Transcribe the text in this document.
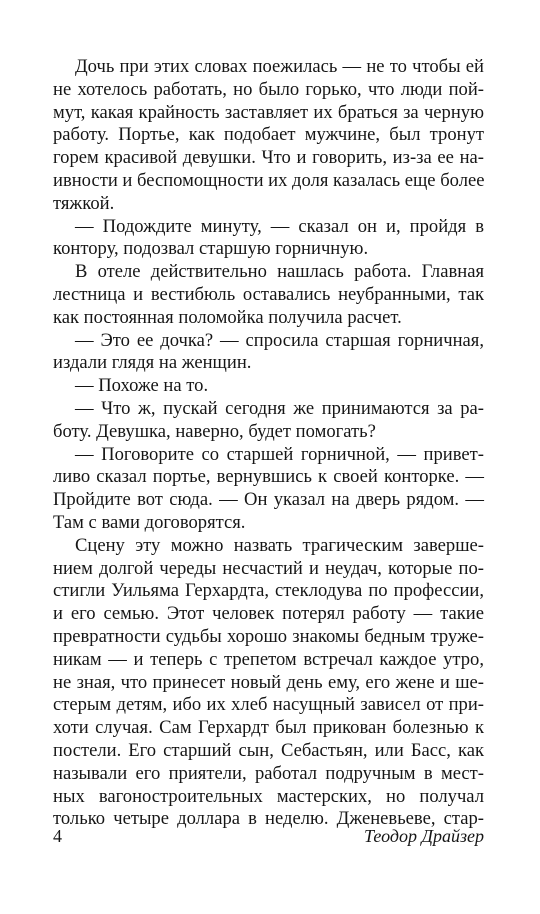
Дочь при этих словах поежилась — не то чтобы ей
не хотелось работать, но было горько, что люди пой-
мут, какая крайность заставляет их браться за черную
работу. Портье, как подобает мужчине, был тронут
горем красивой девушки. Что и говорить, из-за ее на-
ивности и беспомощности их доля казалась еще более
тяжкой.
— Подождите минуту, — сказал он и, пройдя в
контору, подозвал старшую горничную.
В отеле действительно нашлась работа. Главная
лестница и вестибюль оставались неубранными, так
как постоянная поломойка получила расчет.
— Это ее дочка? — спросила старшая горничная,
издали глядя на женщин.
— Похоже на то.
— Что ж, пускай сегодня же принимаются за ра-
боту. Девушка, наверно, будет помогать?
— Поговорите со старшей горничной, — привет-
ливо сказал портье, вернувшись к своей конторке. —
Пройдите вот сюда. — Он указал на дверь рядом. —
Там с вами договорятся.
Сцену эту можно назвать трагическим заверше-
нием долгой череды несчастий и неудач, которые по-
стигли Уильяма Герхардта, стеклодува по профессии,
и его семью. Этот человек потерял работу — такие
превратности судьбы хорошо знакомы бедным труже-
никам — и теперь с трепетом встречал каждое утро,
не зная, что принесет новый день ему, его жене и ше-
стерым детям, ибо их хлеб насущный зависел от при-
хоти случая. Сам Герхардт был прикован болезнью к
постели. Его старший сын, Себастьян, или Басс, как
называли его приятели, работал подручным в мест-
ных вагоностроительных мастерских, но получал
только четыре доллара в неделю. Дженевьеве, стар-
4	Теодор Драйзер
